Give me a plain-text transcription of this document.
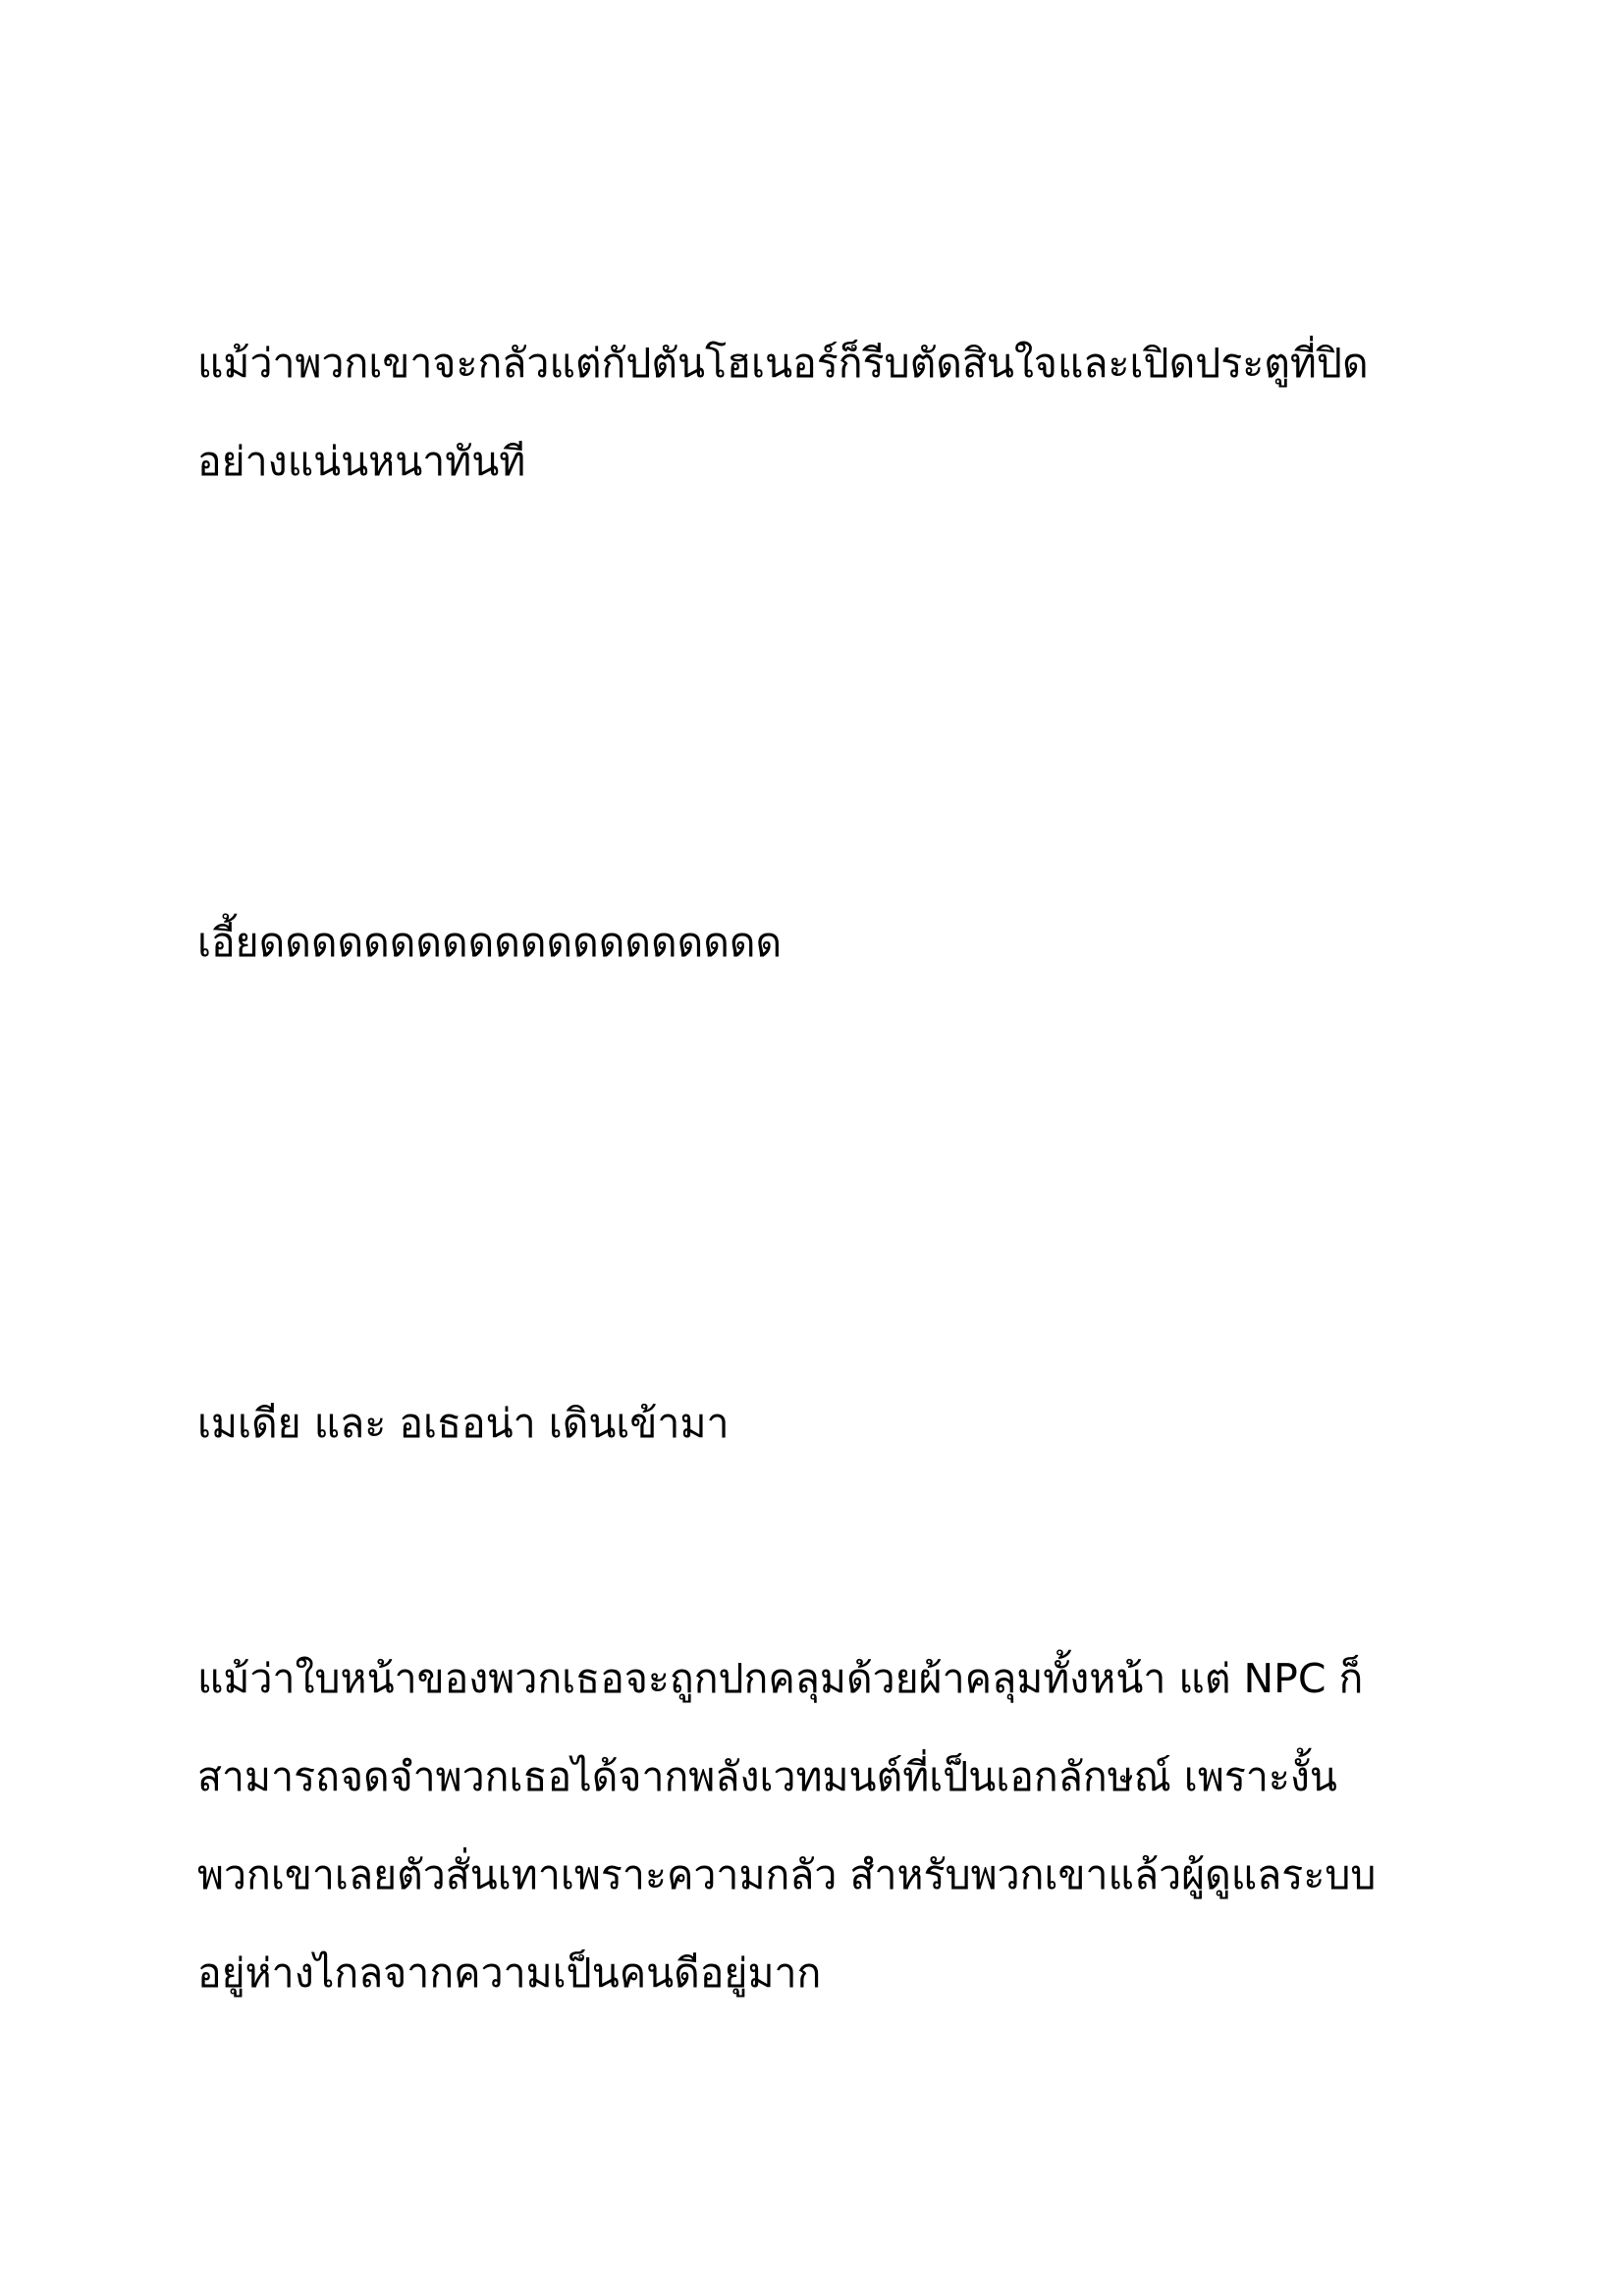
แม้ว่าพวกเขาจะกลัวแต่กัปตันโฮเนอร์ก็รีบตัดสินใจและเปิดประตูที่ปิด

อย่างแน่นหนาทันที

เอี้ยดดดดดดดดดดดดดดดดดดดด

เมเดีย และ อเธอน่า เดินเข้ามา

แม้ว่าใบหน้าของพวกเธอจะถูกปกคลุมด้วยผ้าคลุมทั้งหน้า แต่ NPC ก็

สามารถจดจำพวกเธอได้จากพลังเวทมนต์ที่เป็นเอกลักษณ์ เพราะงั้น

พวกเขาเลยตัวสั่นเทาเพราะความกลัว สำหรับพวกเขาแล้วผู้ดูแลระบบ

อยู่ห่างไกลจากความเป็นคนดีอยู่มาก
